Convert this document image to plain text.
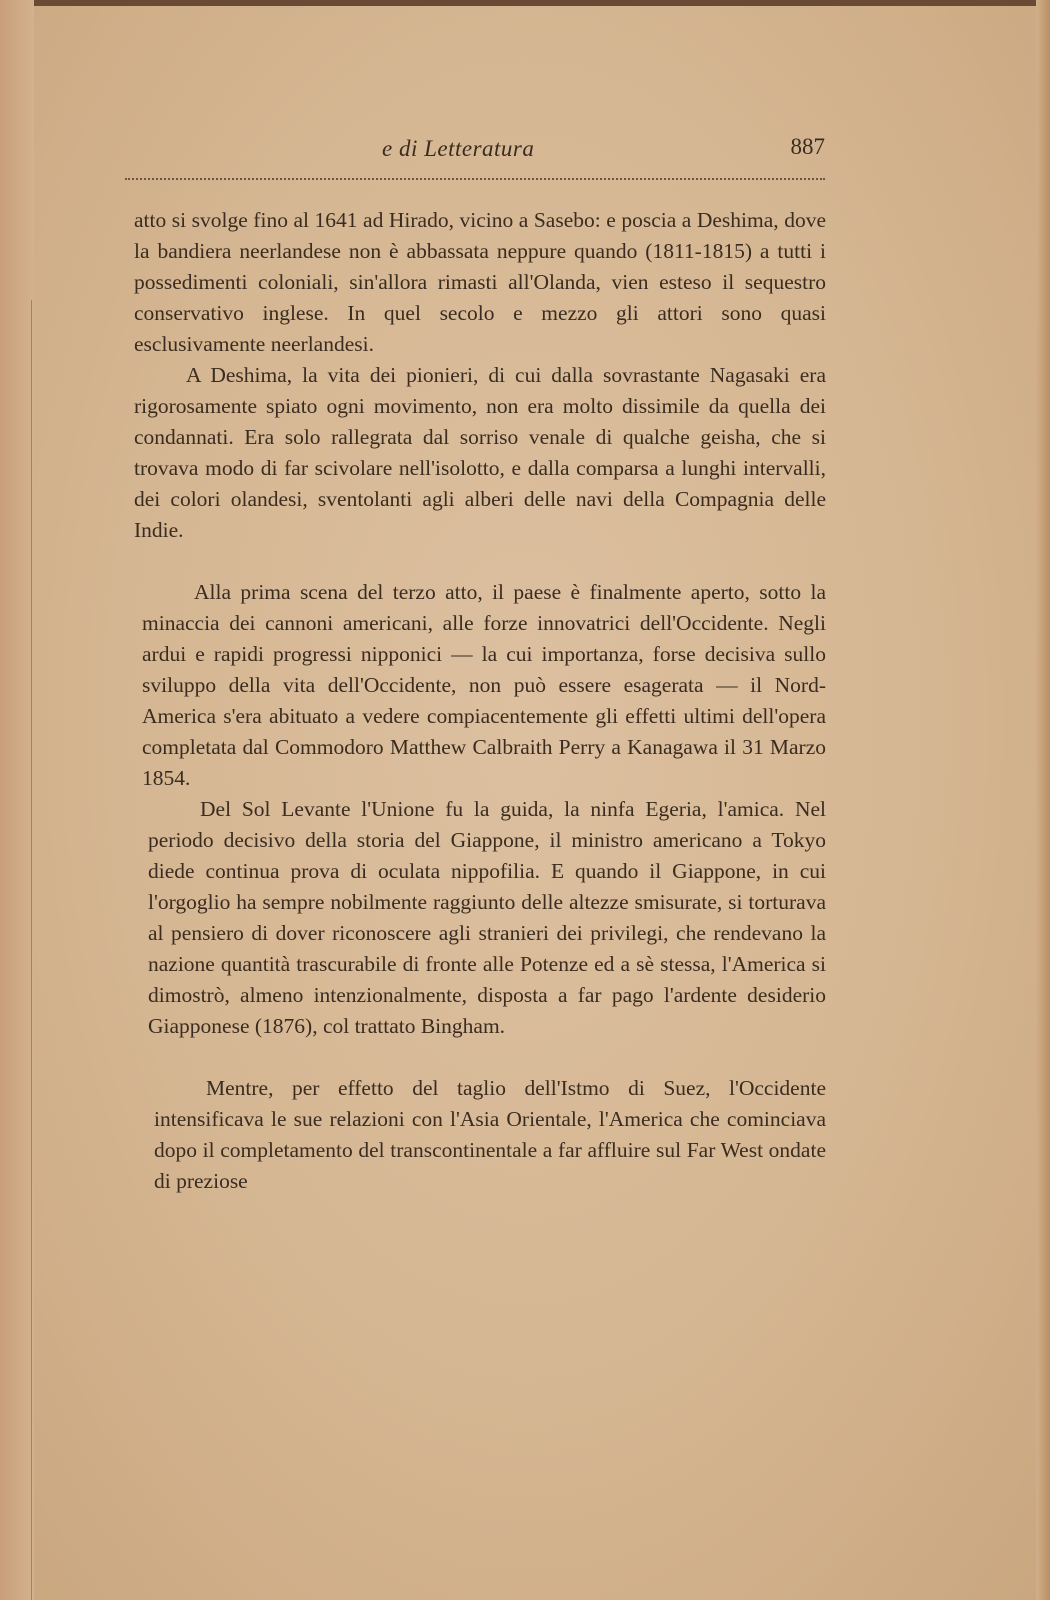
e di Letteratura	887

atto si svolge fino al 1641 ad Hirado, vicino a Sasebo: e poscia a Deshima, dove la bandiera neerlandese non è abbassata neppure quando (1811-1815) a tutti i possedimenti coloniali, sin'allora rimasti all'Olanda, vien esteso il sequestro conservativo inglese. In quel secolo e mezzo gli attori sono quasi esclusivamente neerlandesi.

A Deshima, la vita dei pionieri, di cui dalla sovrastante Nagasaki era rigorosamente spiato ogni movimento, non era molto dissimile da quella dei condannati. Era solo rallegrata dal sorriso venale di qualche geisha, che si trovava modo di far scivolare nell'isolotto, e dalla comparsa a lunghi intervalli, dei colori olandesi, sventolanti agli alberi delle navi della Compagnia delle Indie.

Alla prima scena del terzo atto, il paese è finalmente aperto, sotto la minaccia dei cannoni americani, alle forze innovatrici dell'Occidente. Negli ardui e rapidi progressi nipponici — la cui importanza, forse decisiva sullo sviluppo della vita dell'Occidente, non può essere esagerata — il Nord-America s'era abituato a vedere compiacentemente gli effetti ultimi dell'opera completata dal Commodoro Matthew Calbraith Perry a Kanagawa il 31 Marzo 1854.

Del Sol Levante l'Unione fu la guida, la ninfa Egeria, l'amica. Nel periodo decisivo della storia del Giappone, il ministro americano a Tokyo diede continua prova di oculata nippofilia. E quando il Giappone, in cui l'orgoglio ha sempre nobilmente raggiunto delle altezze smisurate, si torturava al pensiero di dover riconoscere agli stranieri dei privilegi, che rendevano la nazione quantità trascurabile di fronte alle Potenze ed a sè stessa, l'America si dimostrò, almeno intenzionalmente, disposta a far pago l'ardente desiderio Giapponese (1876), col trattato Bingham.

Mentre, per effetto del taglio dell'Istmo di Suez, l'Occidente intensificava le sue relazioni con l'Asia Orientale, l'America che cominciava dopo il completamento del transcontinentale a far affluire sul Far West ondate di preziose
